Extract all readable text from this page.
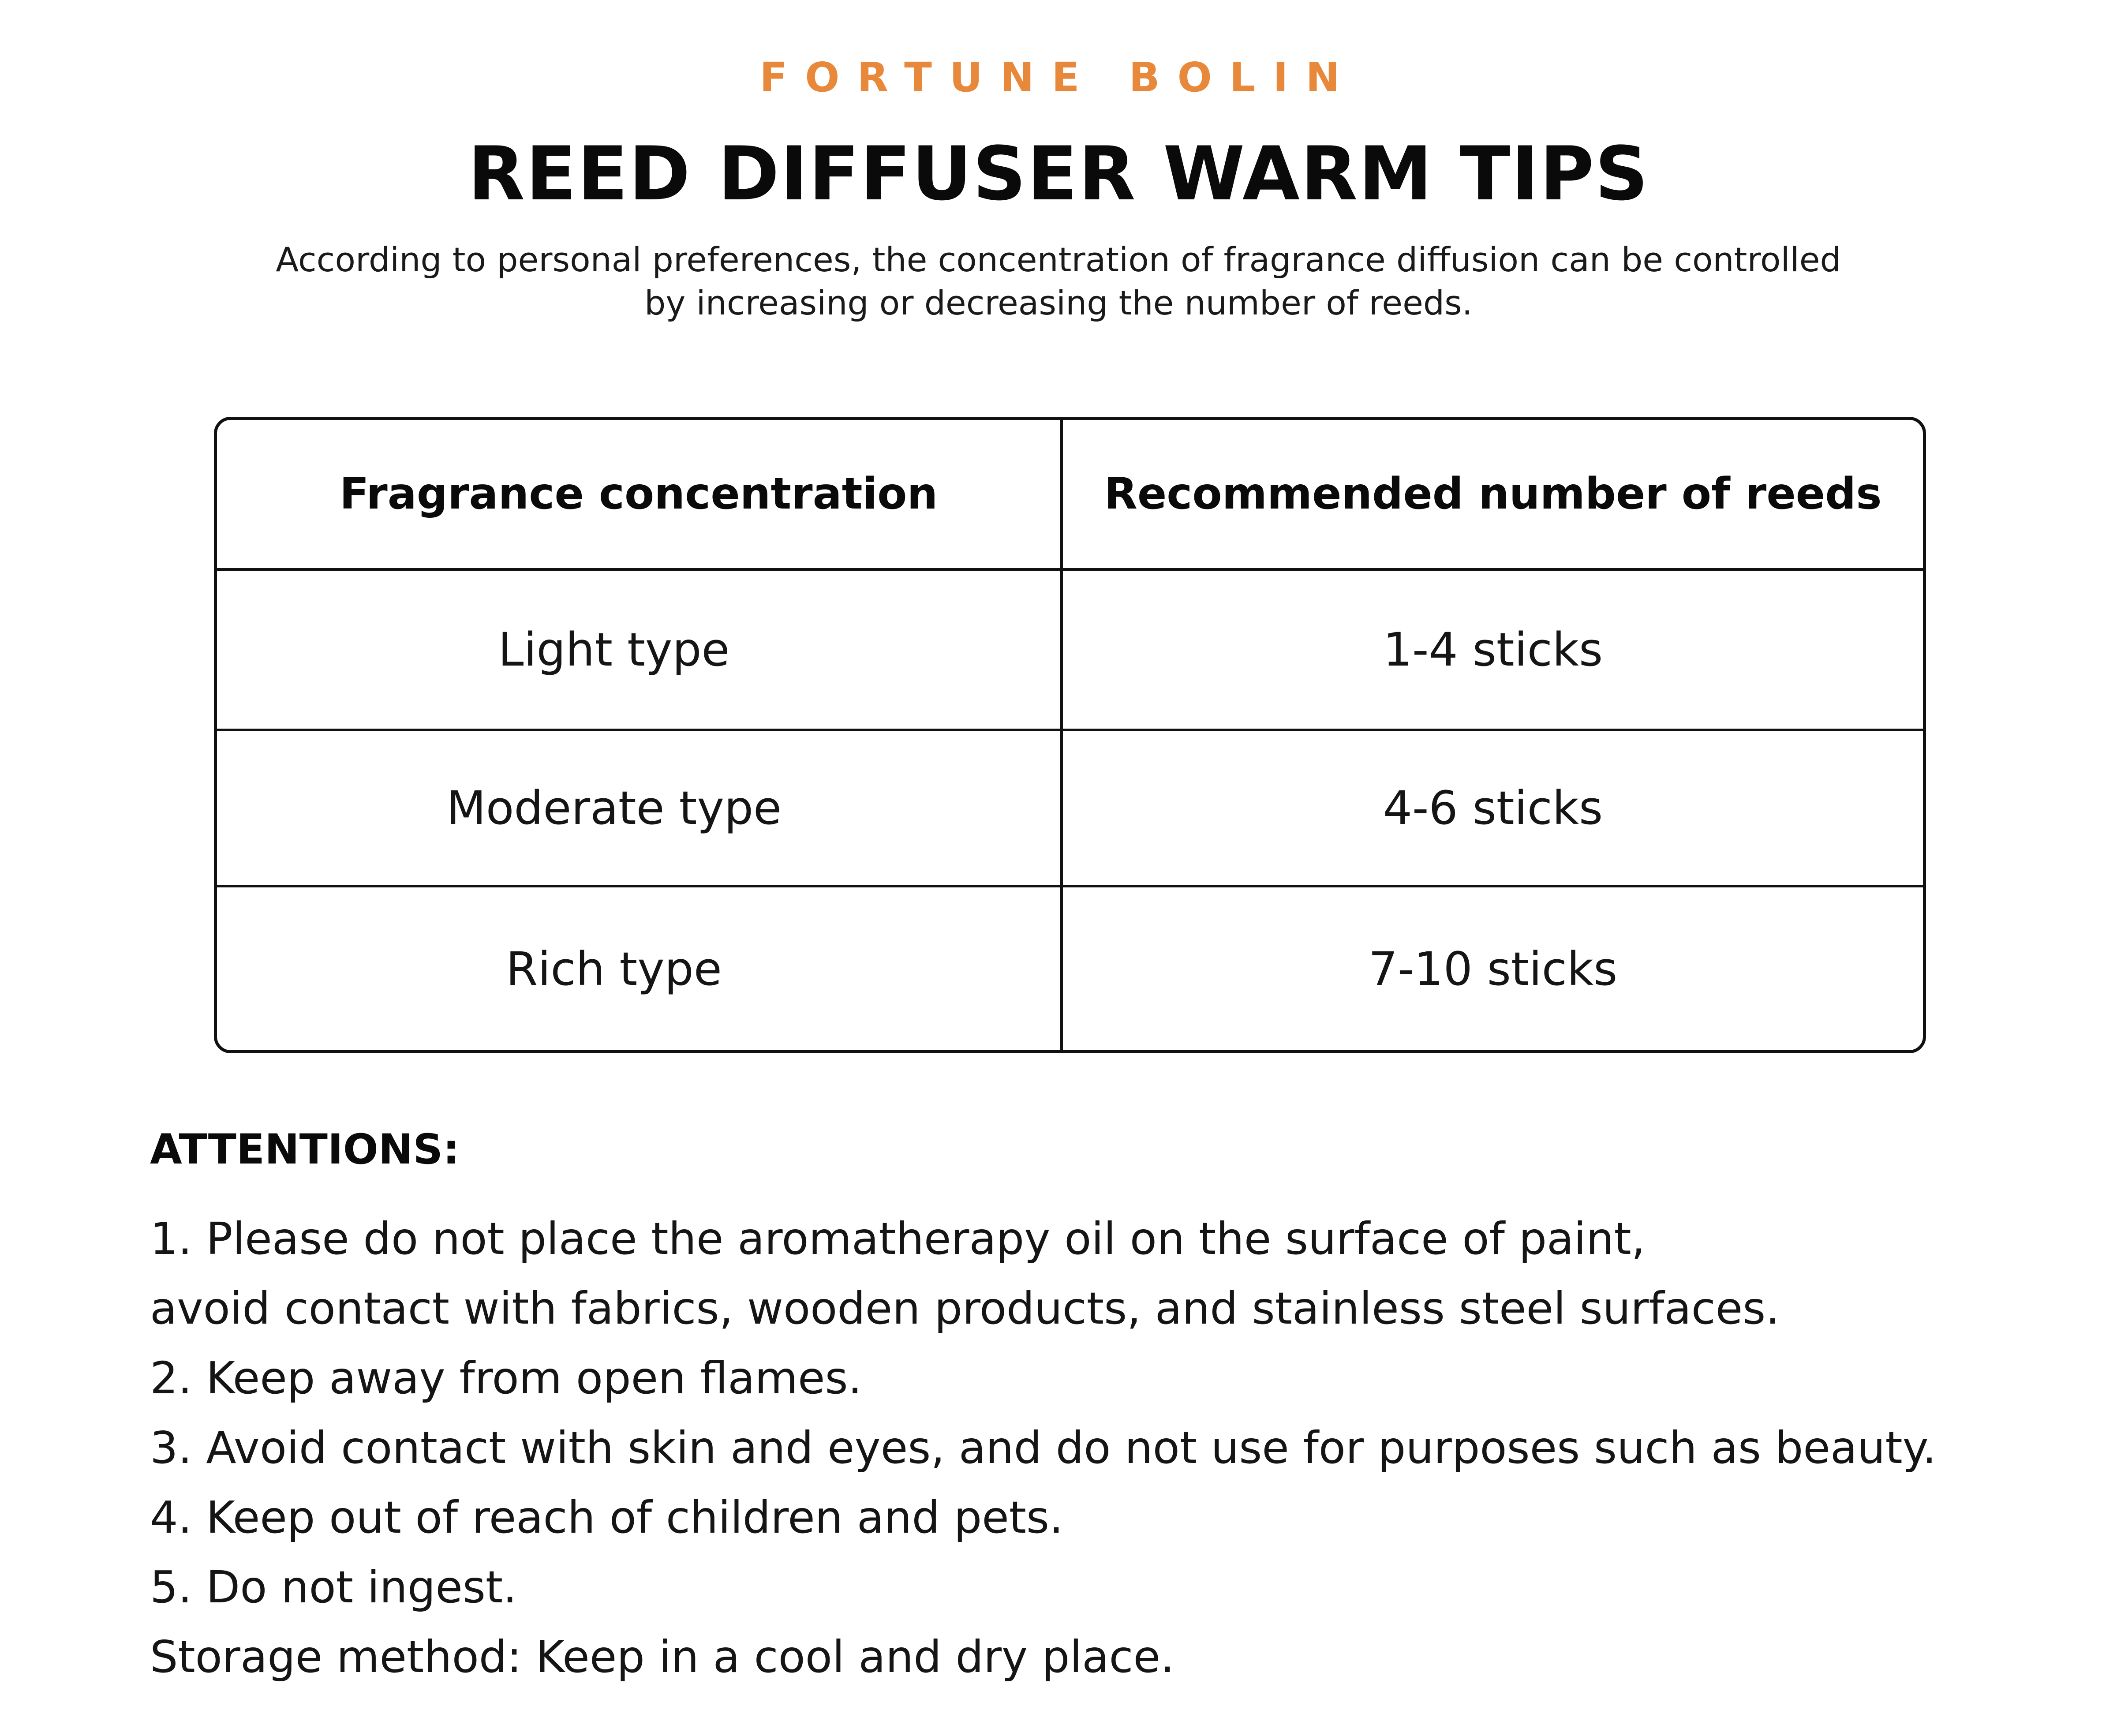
FORTUNE BOLIN
REED DIFFUSER WARM TIPS
According to personal preferences, the concentration of fragrance diffusion can be controlled
by increasing or decreasing the number of reeds.
Fragrance concentration	Recommended number of reeds
Light type	1-4 sticks
Moderate type	4-6 sticks
Rich type	7-10 sticks
ATTENTIONS:
1. Please do not place the aromatherapy oil on the surface of paint,
avoid contact with fabrics, wooden products, and stainless steel surfaces.
2. Keep away from open flames.
3. Avoid contact with skin and eyes, and do not use for purposes such as beauty.
4. Keep out of reach of children and pets.
5. Do not ingest.
Storage method: Keep in a cool and dry place.
